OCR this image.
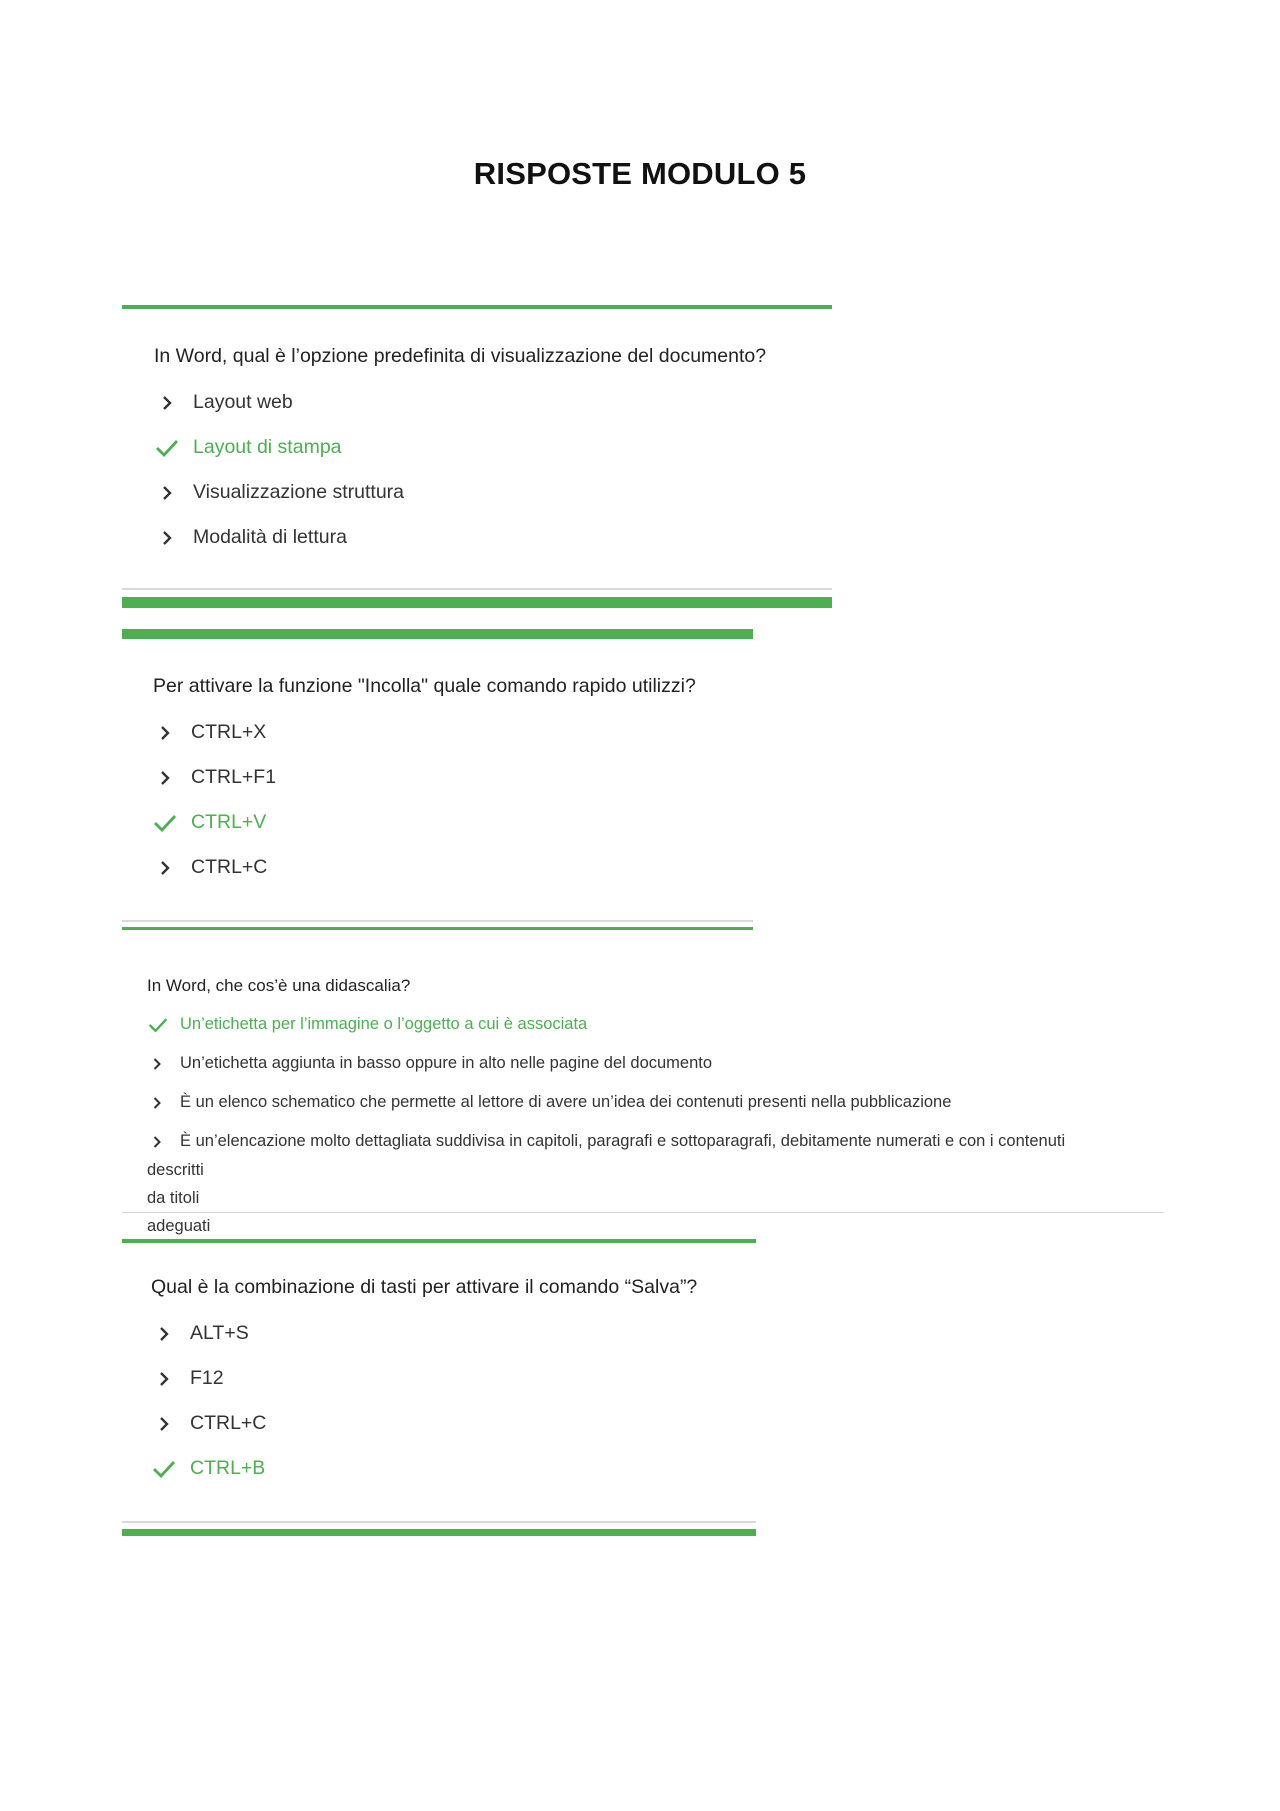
RISPOSTE MODULO 5
In Word, qual è l’opzione predefinita di visualizzazione del documento?
Layout web
Layout di stampa
Visualizzazione struttura
Modalità di lettura
Per attivare la funzione "Incolla" quale comando rapido utilizzi?
CTRL+X
CTRL+F1
CTRL+V
CTRL+C
In Word, che cos’è una didascalia?
Un’etichetta per l’immagine o l’oggetto a cui è associata
Un’etichetta aggiunta in basso oppure in alto nelle pagine del documento
È un elenco schematico che permette al lettore di avere un’idea dei contenuti presenti nella pubblicazione
È un’elencazione molto dettagliata suddivisa in capitoli, paragrafi e sottoparagrafi, debitamente numerati e con i contenuti
descritti da titoli adeguati
Qual è la combinazione di tasti per attivare il comando “Salva”?
ALT+S
F12
CTRL+C
CTRL+B
